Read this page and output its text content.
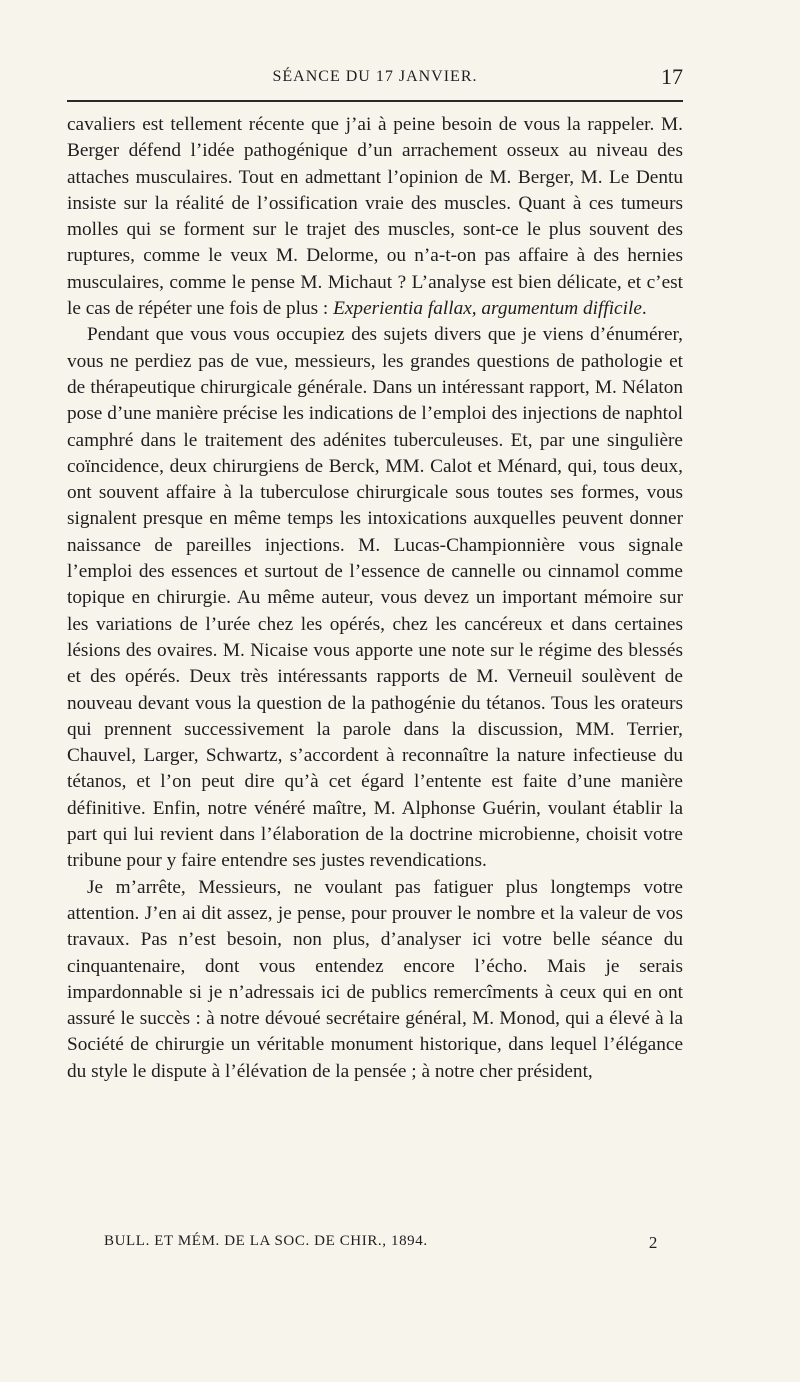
SÉANCE DU 17 JANVIER.	17

cavaliers est tellement récente que j’ai à peine besoin de vous la rappeler. M. Berger défend l’idée pathogénique d’un arrachement osseux au niveau des attaches musculaires. Tout en admettant l’opinion de M. Berger, M. Le Dentu insiste sur la réalité de l’ossification vraie des muscles. Quant à ces tumeurs molles qui se forment sur le trajet des muscles, sont-ce le plus souvent des ruptures, comme le veux M. Delorme, ou n’a-t-on pas affaire à des hernies musculaires, comme le pense M. Michaut ? L’analyse est bien délicate, et c’est le cas de répéter une fois de plus : Experientia fallax, argumentum difficile.

Pendant que vous vous occupiez des sujets divers que je viens d’énumérer, vous ne perdiez pas de vue, messieurs, les grandes questions de pathologie et de thérapeutique chirurgicale générale. Dans un intéressant rapport, M. Nélaton pose d’une manière précise les indications de l’emploi des injections de naphtol camphré dans le traitement des adénites tuberculeuses. Et, par une singulière coïncidence, deux chirurgiens de Berck, MM. Calot et Ménard, qui, tous deux, ont souvent affaire à la tuberculose chirurgicale sous toutes ses formes, vous signalent presque en même temps les intoxications auxquelles peuvent donner naissance de pareilles injections. M. Lucas-Championnière vous signale l’emploi des essences et surtout de l’essence de cannelle ou cinnamol comme topique en chirurgie. Au même auteur, vous devez un important mémoire sur les variations de l’urée chez les opérés, chez les cancéreux et dans certaines lésions des ovaires. M. Nicaise vous apporte une note sur le régime des blessés et des opérés. Deux très intéressants rapports de M. Verneuil soulèvent de nouveau devant vous la question de la pathogénie du tétanos. Tous les orateurs qui prennent successivement la parole dans la discussion, MM. Terrier, Chauvel, Larger, Schwartz, s’accordent à reconnaître la nature infectieuse du tétanos, et l’on peut dire qu’à cet égard l’entente est faite d’une manière définitive. Enfin, notre vénéré maître, M. Alphonse Guérin, voulant établir la part qui lui revient dans l’élaboration de la doctrine microbienne, choisit votre tribune pour y faire entendre ses justes revendications.

Je m’arrête, Messieurs, ne voulant pas fatiguer plus longtemps votre attention. J’en ai dit assez, je pense, pour prouver le nombre et la valeur de vos travaux. Pas n’est besoin, non plus, d’analyser ici votre belle séance du cinquantenaire, dont vous entendez encore l’écho. Mais je serais impardonnable si je n’adressais ici de publics remercîments à ceux qui en ont assuré le succès : à notre dévoué secrétaire général, M. Monod, qui a élevé à la Société de chirurgie un véritable monument historique, dans lequel l’élégance du style le dispute à l’élévation de la pensée ; à notre cher président,

BULL. ET MÉM. DE LA SOC. DE CHIR., 1894.	2
